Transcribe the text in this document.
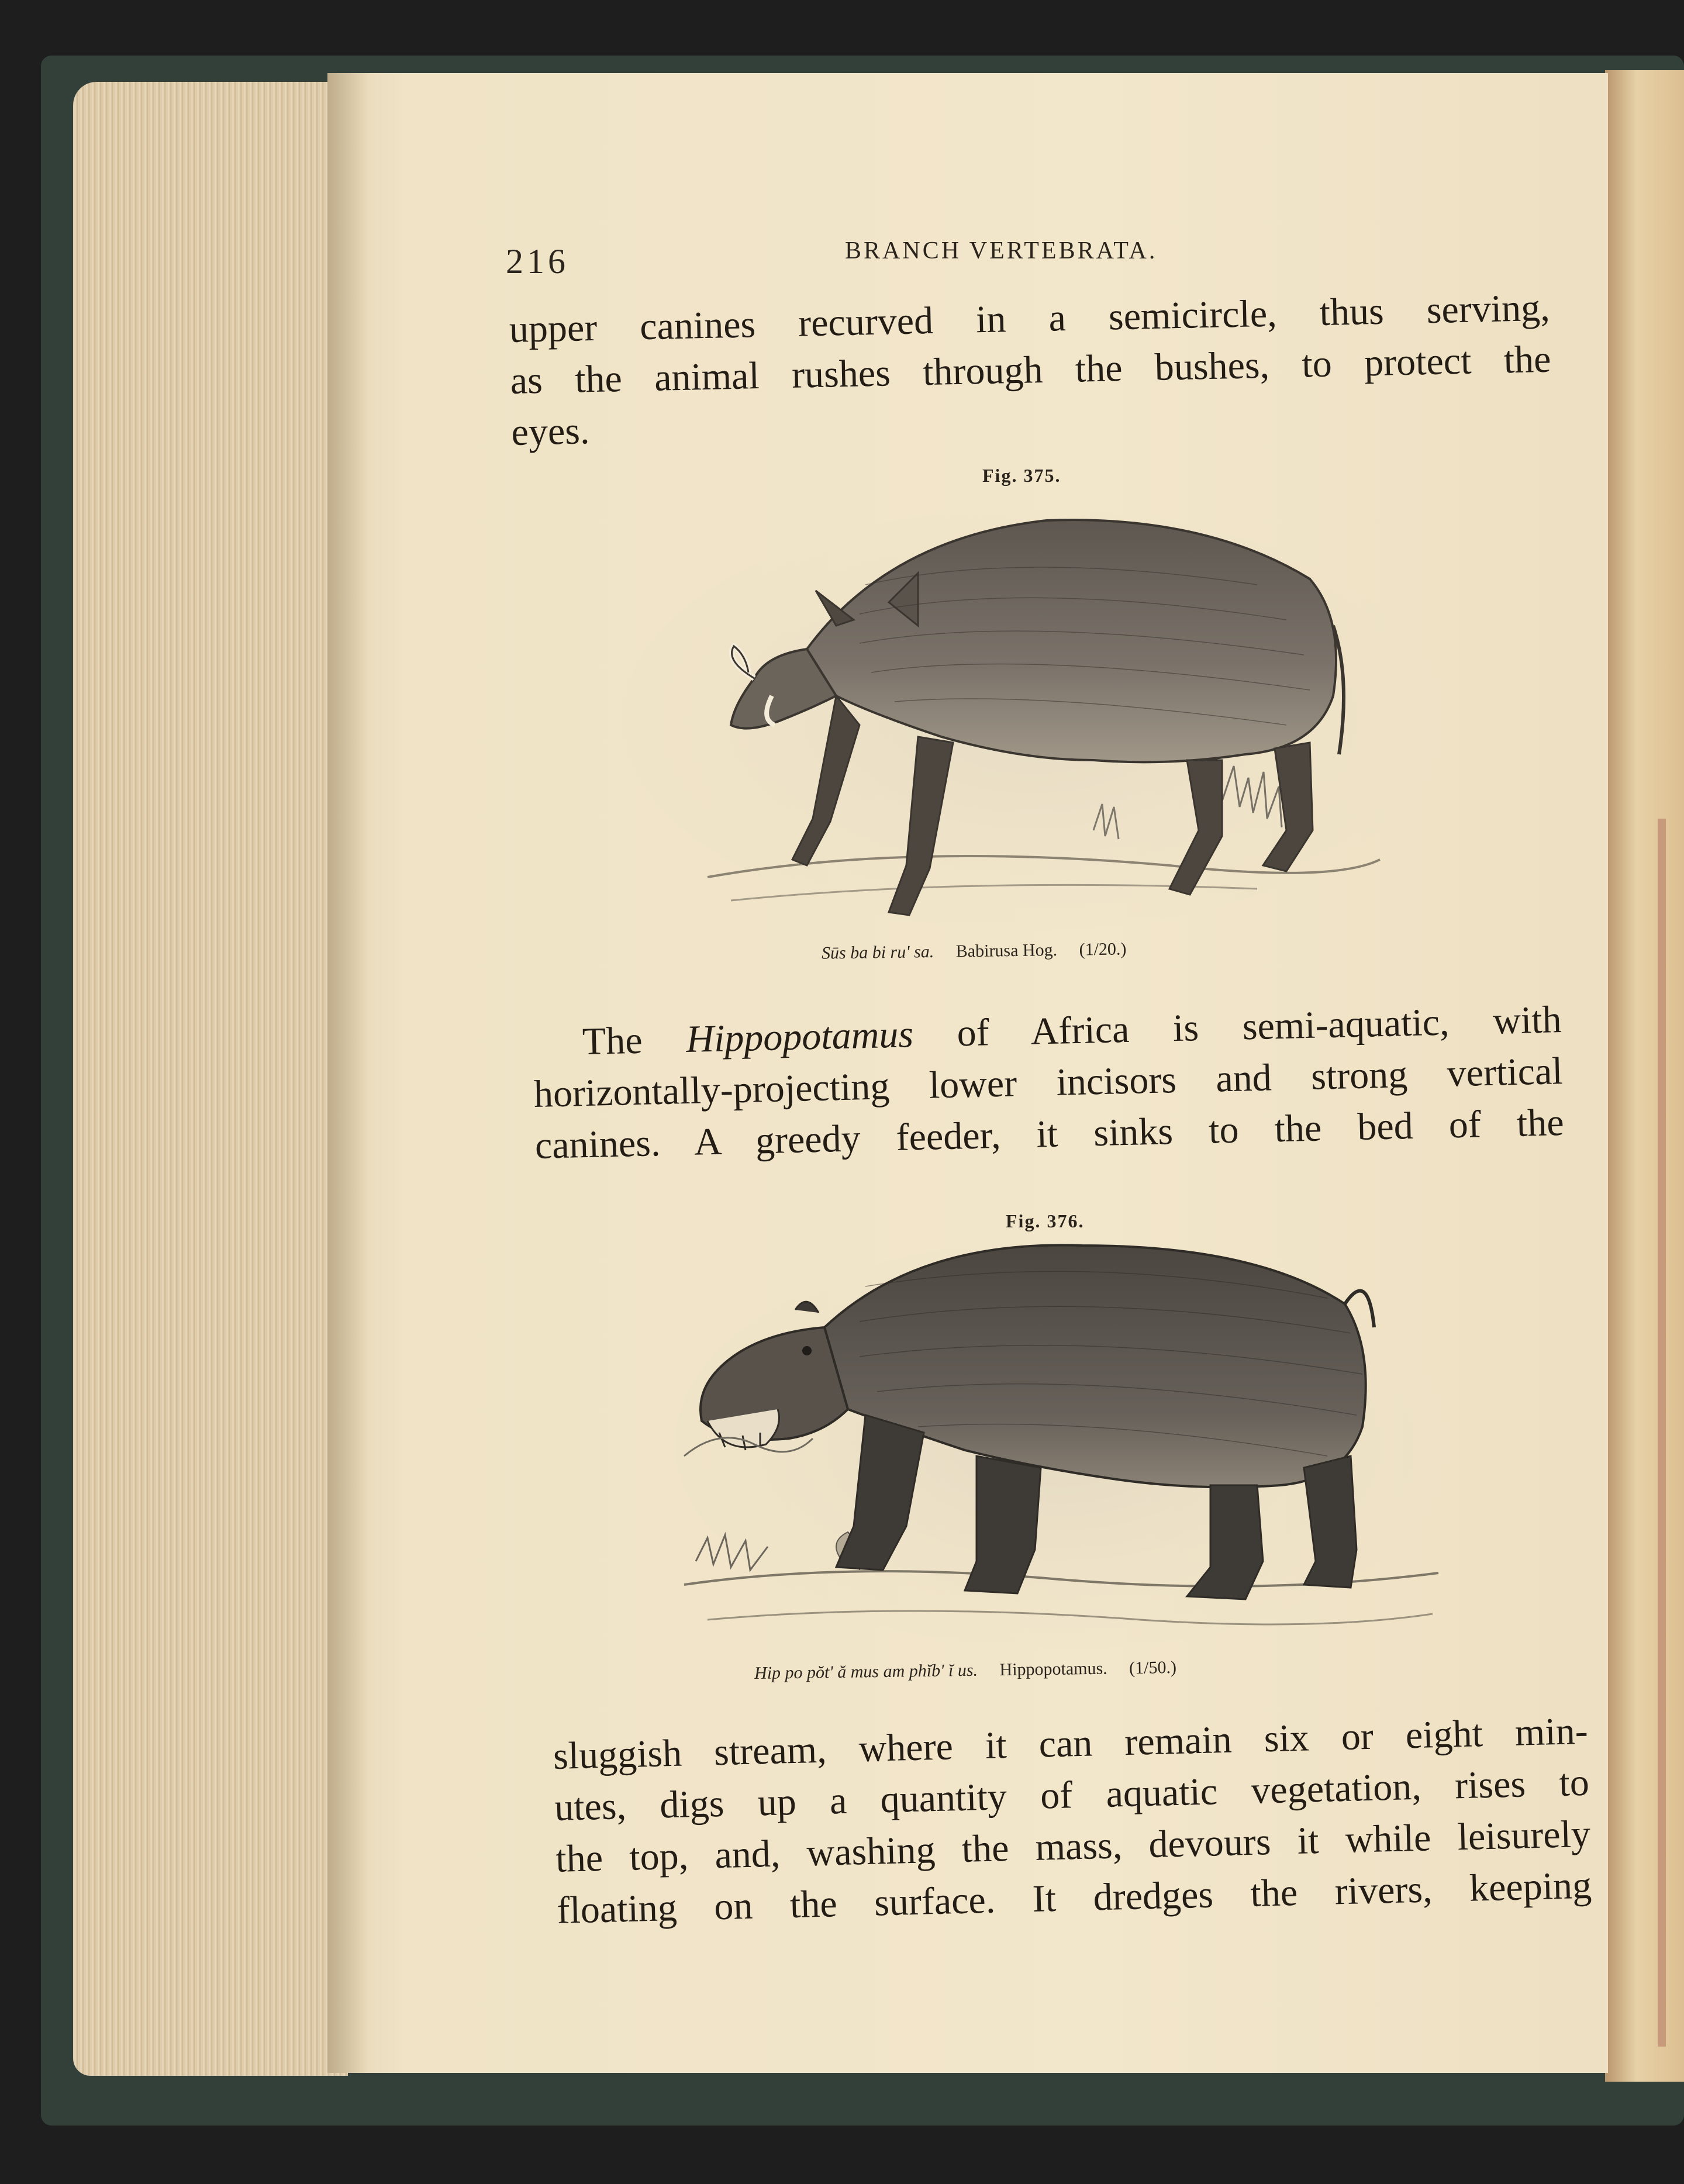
216	BRANCH VERTEBRATA.

upper canines recurved in a semicircle, thus serving,
as the animal rushes through the bushes, to protect the
eyes.

Fig. 375.
Sūs ba bi ru' sa. Babirusa Hog. (1/20.)

The Hippopotamus of Africa is semi-aquatic, with
horizontally-projecting lower incisors and strong vertical
canines. A greedy feeder, it sinks to the bed of the

Fig. 376.
Hip po pŏt' ă mus am phĭb' ĭ us. Hippopotamus. (1/50.)

sluggish stream, where it can remain six or eight min-
utes, digs up a quantity of aquatic vegetation, rises to
the top, and, washing the mass, devours it while leisurely
floating on the surface. It dredges the rivers, keeping
